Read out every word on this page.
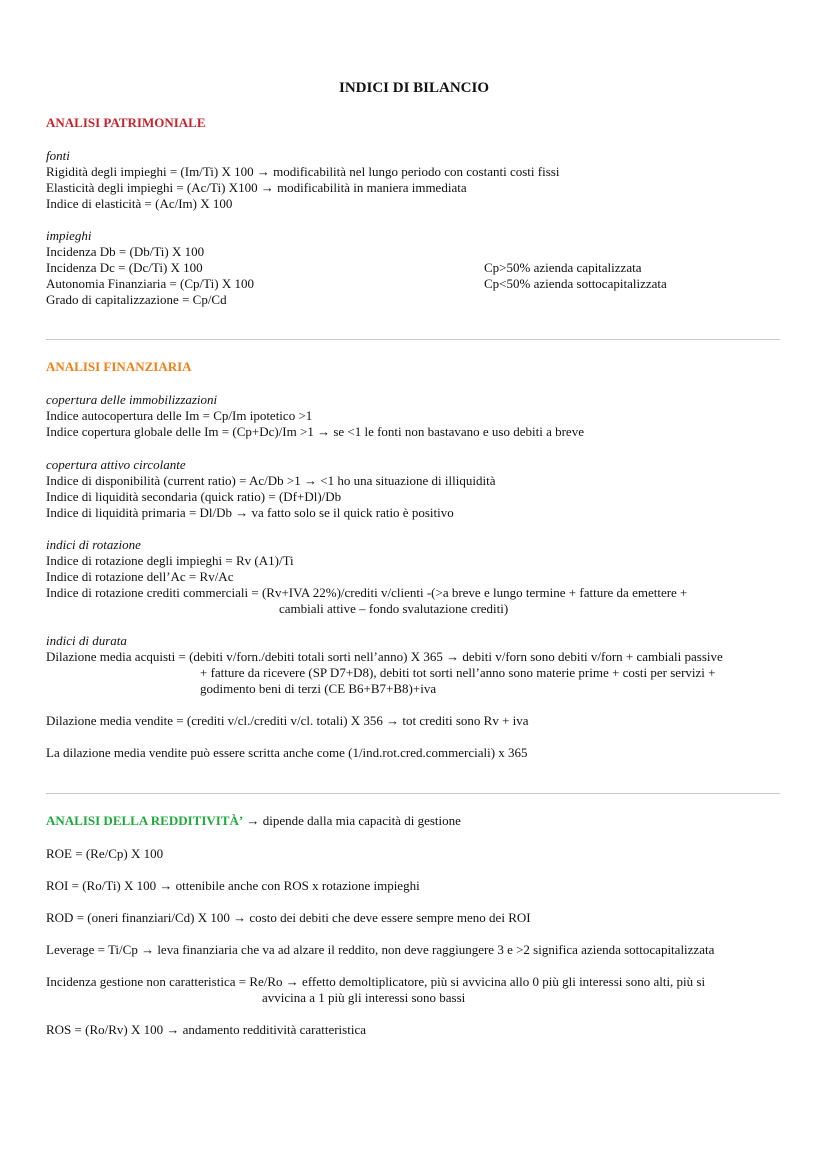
INDICI DI BILANCIO
ANALISI PATRIMONIALE
fonti
Rigidità degli impieghi = (Im/Ti) X 100 → modificabilità nel lungo periodo con costanti costi fissi
Elasticità degli impieghi = (Ac/Ti) X100 → modificabilità in maniera immediata
Indice di elasticità = (Ac/Im) X 100
impieghi
Incidenza Db = (Db/Ti) X 100
Incidenza Dc = (Dc/Ti) X 100
Autonomia Finanziaria = (Cp/Ti) X 100
Grado di capitalizzazione = Cp/Cd
Cp>50% azienda capitalizzata
Cp<50% azienda sottocapitalizzata
ANALISI FINANZIARIA
copertura delle immobilizzazioni
Indice autocopertura delle Im = Cp/Im ipotetico >1
Indice copertura globale delle Im = (Cp+Dc)/Im >1 → se <1 le fonti non bastavano e uso debiti a breve
copertura attivo circolante
Indice di disponibilità (current ratio) = Ac/Db >1 → <1 ho una situazione di illiquidità
Indice di liquidità secondaria (quick ratio) = (Df+Dl)/Db
Indice di liquidità primaria = Dl/Db → va fatto solo se il quick ratio è positivo
indici di rotazione
Indice di rotazione degli impieghi = Rv (A1)/Ti
Indice di rotazione dell’Ac = Rv/Ac
Indice di rotazione crediti commerciali = (Rv+IVA 22%)/crediti v/clienti -(>a breve e lungo termine + fatture da emettere +
cambiali attive – fondo svalutazione crediti)
indici di durata
Dilazione media acquisti = (debiti v/forn./debiti totali sorti nell’anno) X 365 → debiti v/forn sono debiti v/forn + cambiali passive
+ fatture da ricevere (SP D7+D8), debiti tot sorti nell’anno sono materie prime + costi per servizi +
godimento beni di terzi (CE B6+B7+B8)+iva
Dilazione media vendite = (crediti v/cl./crediti v/cl. totali) X 356 → tot crediti sono Rv + iva
La dilazione media vendite può essere scritta anche come (1/ind.rot.cred.commerciali) x 365
ANALISI DELLA REDDITIVITÀ’ → dipende dalla mia capacità di gestione
ROE = (Re/Cp) X 100
ROI = (Ro/Ti) X 100 → ottenibile anche con ROS x rotazione impieghi
ROD = (oneri finanziari/Cd) X 100 → costo dei debiti che deve essere sempre meno dei ROI
Leverage = Ti/Cp → leva finanziaria che va ad alzare il reddito, non deve raggiungere 3 e >2 significa azienda sottocapitalizzata
Incidenza gestione non caratteristica = Re/Ro → effetto demoltiplicatore, più si avvicina allo 0 più gli interessi sono alti, più si
avvicina a 1 più gli interessi sono bassi
ROS = (Ro/Rv) X 100 → andamento redditività caratteristica
